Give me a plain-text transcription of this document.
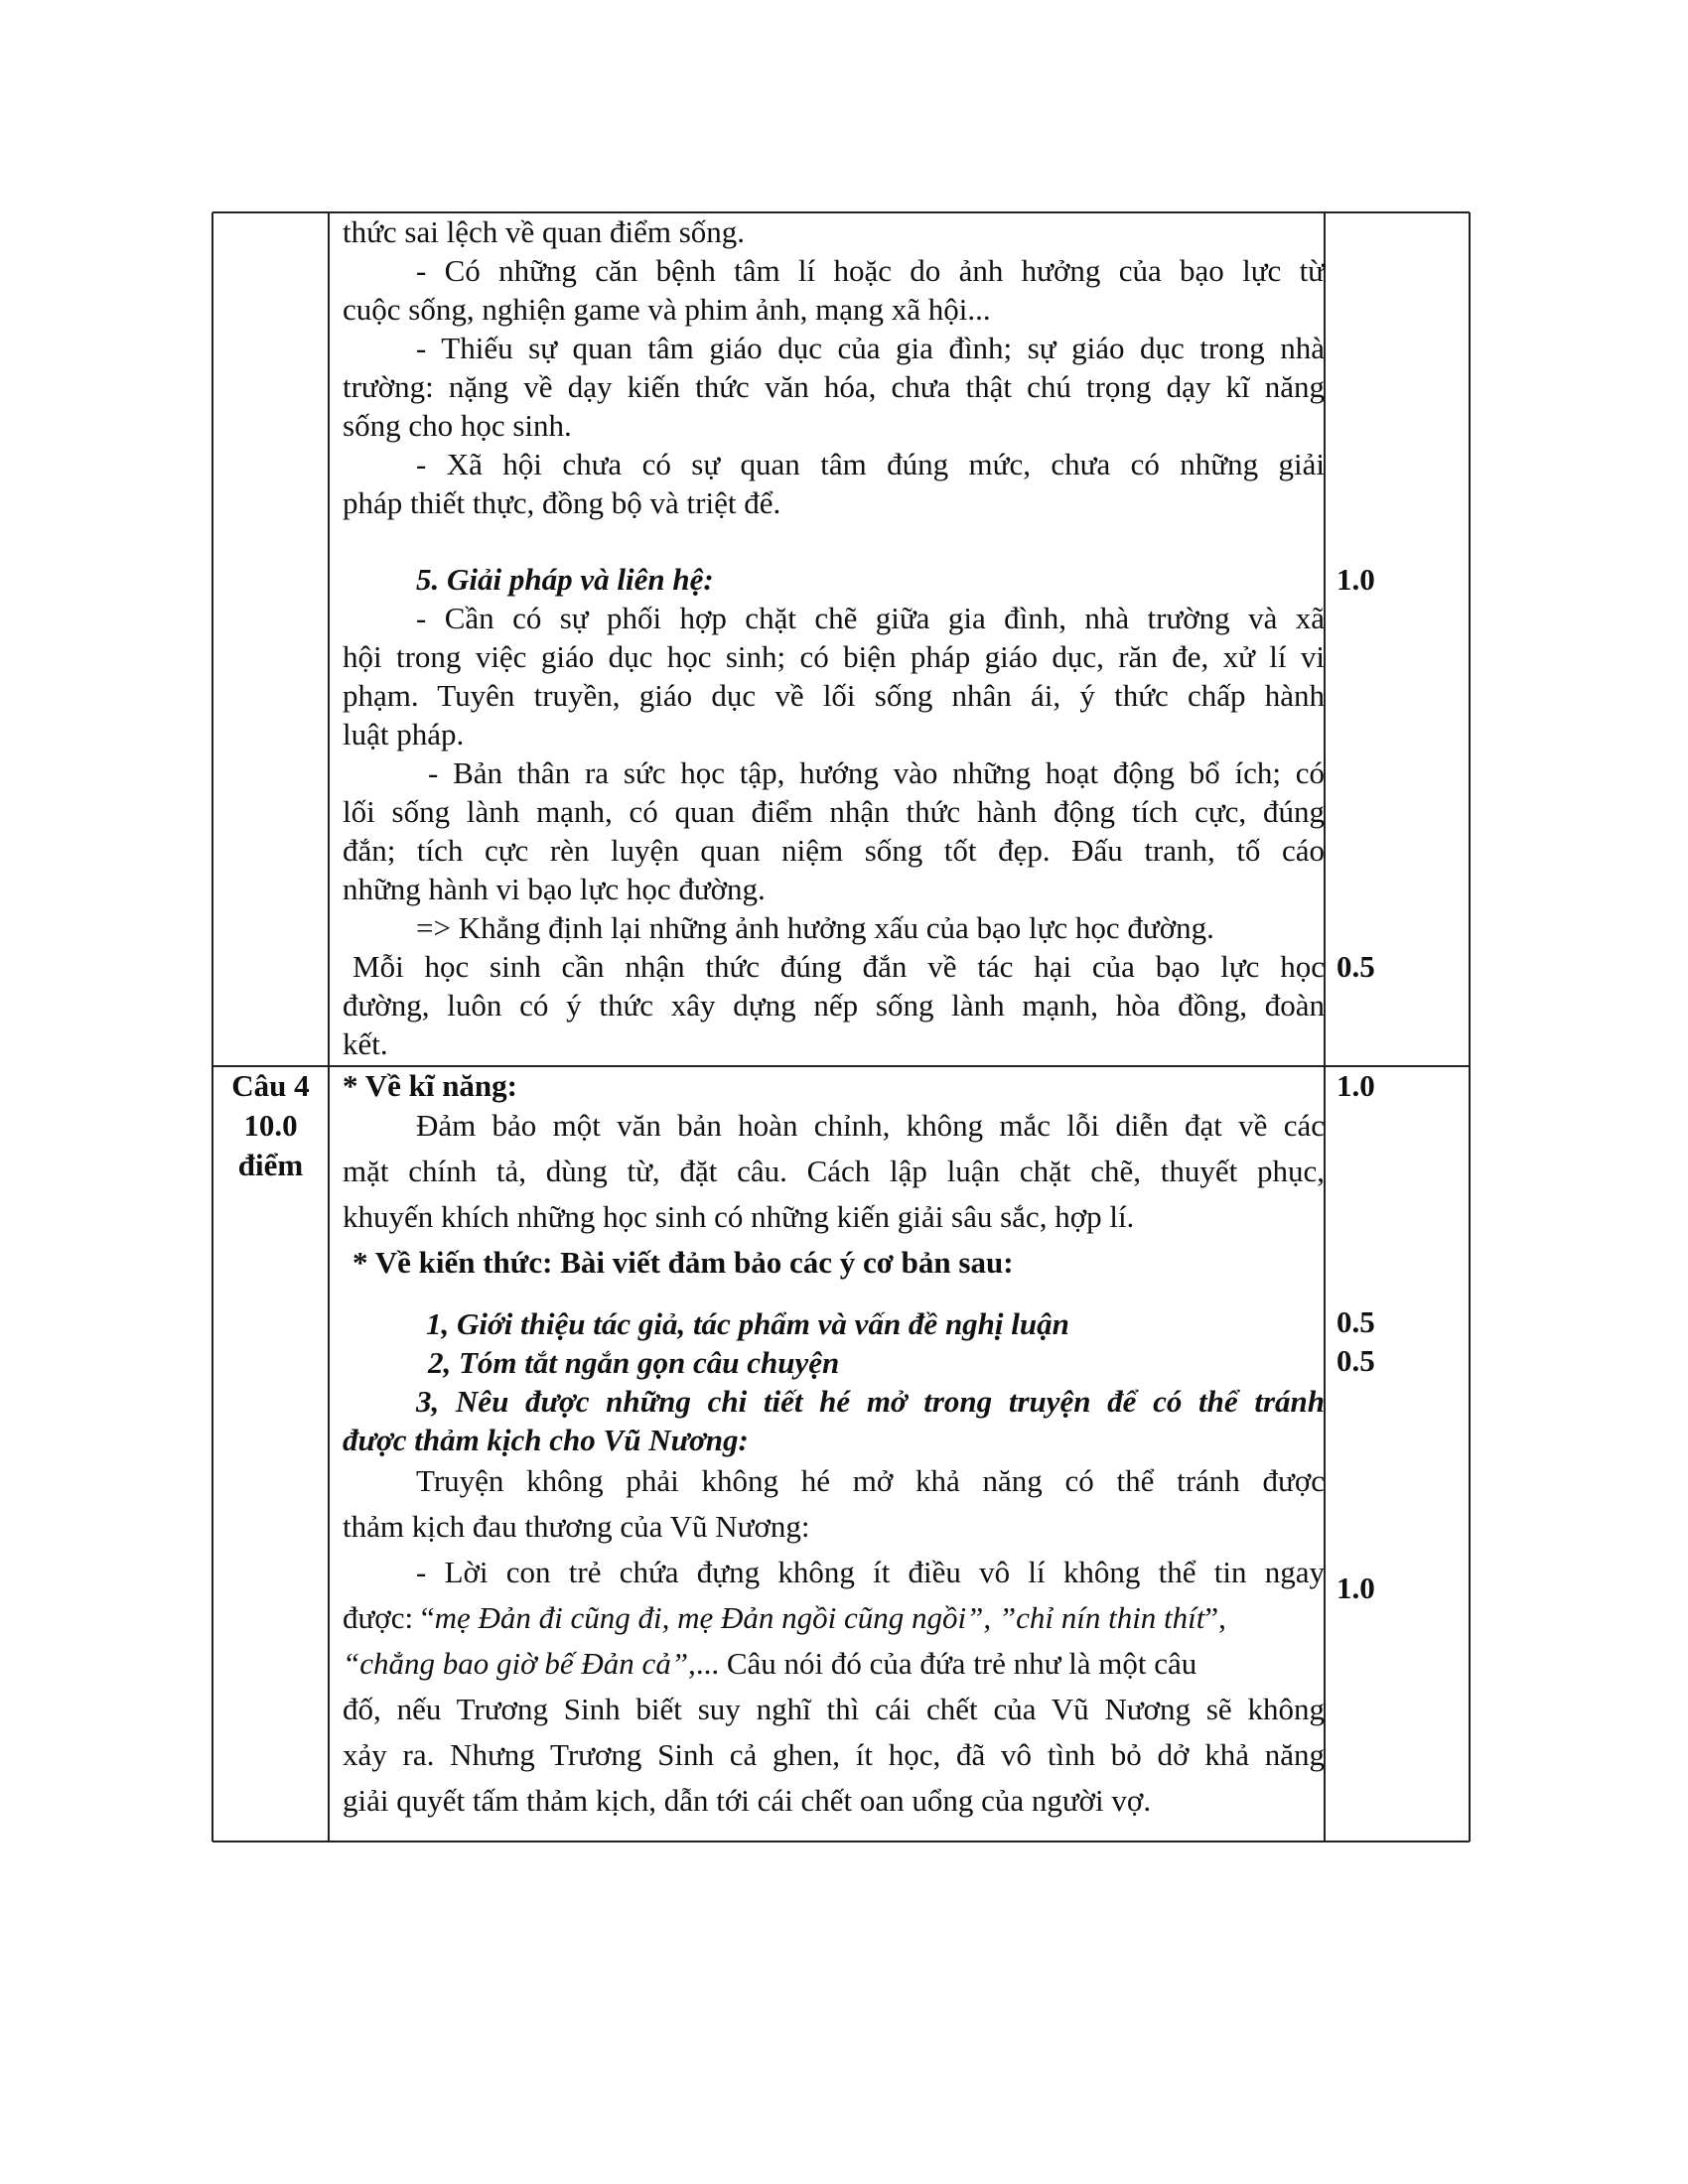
thức sai lệch về quan điểm sống.
- Có những căn bệnh tâm lí hoặc do ảnh hưởng của bạo lực từ
cuộc sống, nghiện game và phim ảnh, mạng xã hội...
- Thiếu sự quan tâm giáo dục của gia đình; sự giáo dục trong nhà
trường: nặng về dạy kiến thức văn hóa, chưa thật chú trọng dạy kĩ năng
sống cho học sinh.
- Xã hội chưa có sự quan tâm đúng mức, chưa có những giải
pháp thiết thực, đồng bộ và triệt để.
5. Giải pháp và liên hệ:
- Cần có sự phối hợp chặt chẽ giữa gia đình, nhà trường và xã
hội trong việc giáo dục học sinh; có biện pháp giáo dục, răn đe, xử lí vi
phạm. Tuyên truyền, giáo dục về lối sống nhân ái, ý thức chấp hành
luật pháp.
- Bản thân ra sức học tập, hướng vào những hoạt động bổ ích; có
lối sống lành mạnh, có quan điểm nhận thức hành động tích cực, đúng
đắn; tích cực rèn luyện quan niệm sống tốt đẹp. Đấu tranh, tố cáo
những hành vi bạo lực học đường.
=> Khẳng định lại những ảnh hưởng xấu của bạo lực học đường.
Mỗi học sinh cần nhận thức đúng đắn về tác hại của bạo lực học
đường, luôn có ý thức xây dựng nếp sống lành mạnh, hòa đồng, đoàn
kết.
1.0
0.5
Câu 4
10.0
điểm
* Về kĩ năng:
Đảm bảo một văn bản hoàn chỉnh, không mắc lỗi diễn đạt về các
mặt chính tả, dùng từ, đặt câu. Cách lập luận chặt chẽ, thuyết phục,
khuyến khích những học sinh có những kiến giải sâu sắc, hợp lí.
* Về kiến thức: Bài viết đảm bảo các ý cơ bản sau:
1, Giới thiệu tác giả, tác phẩm và vấn đề nghị luận
2, Tóm tắt ngắn gọn câu chuyện
3, Nêu được những chi tiết hé mở trong truyện để có thể tránh
được thảm kịch cho Vũ Nương:
Truyện không phải không hé mở khả năng có thể tránh được
thảm kịch đau thương của Vũ Nương:
- Lời con trẻ chứa đựng không ít điều vô lí không thể tin ngay
được: “mẹ Đản đi cũng đi, mẹ Đản ngồi cũng ngồi”, ”chỉ nín thin thít”,
“chẳng bao giờ bế Đản cả”,... Câu nói đó của đứa trẻ như là một câu
đố, nếu Trương Sinh biết suy nghĩ thì cái chết của Vũ Nương sẽ không
xảy ra. Nhưng Trương Sinh cả ghen, ít học, đã vô tình bỏ dở khả năng
giải quyết tấm thảm kịch, dẫn tới cái chết oan uổng của người vợ.
1.0
0.5
0.5
1.0
